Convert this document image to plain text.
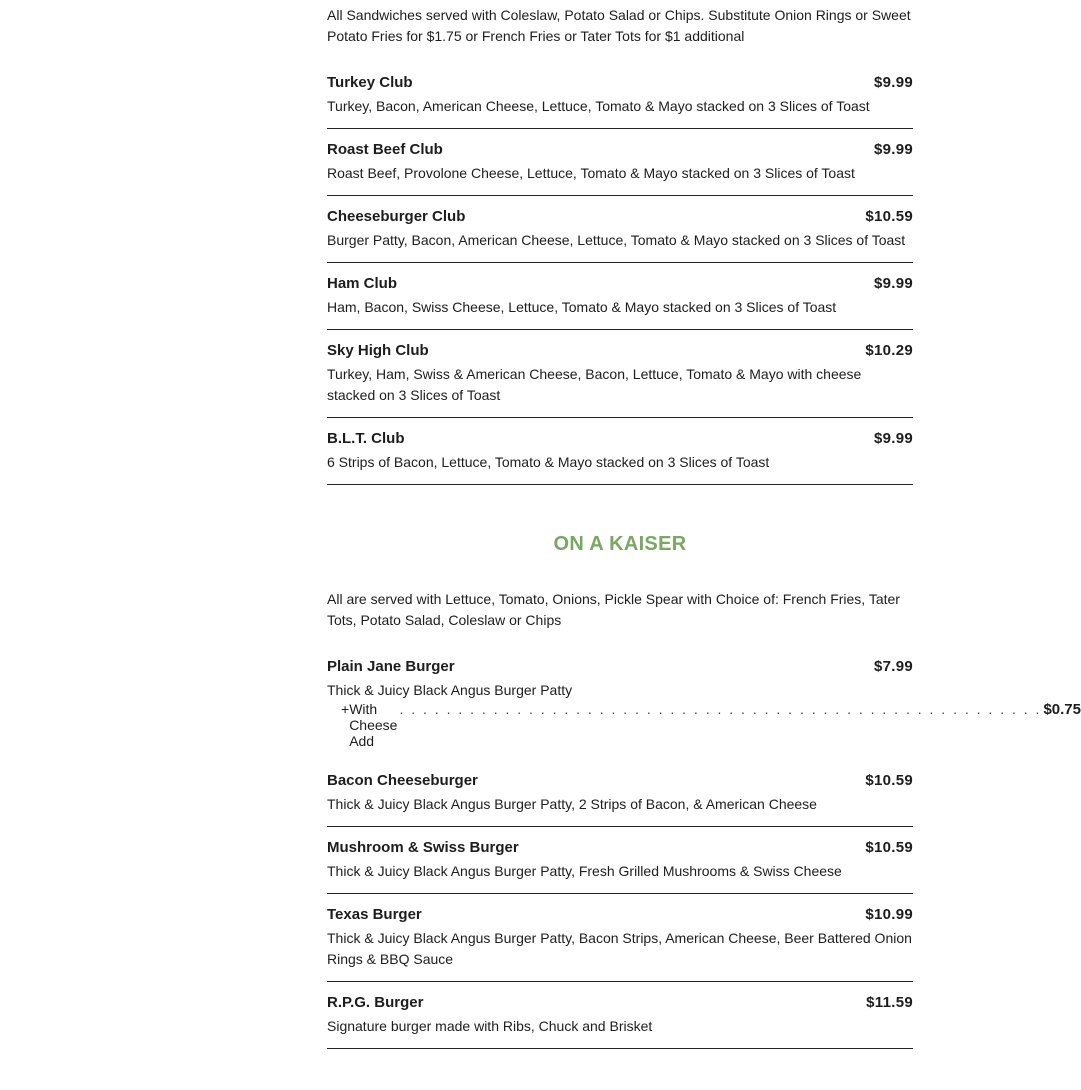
All Sandwiches served with Coleslaw, Potato Salad or Chips. Substitute Onion Rings or Sweet Potato Fries for $1.75 or French Fries or Tater Tots for $1 additional

Turkey Club	$9.99
Turkey, Bacon, American Cheese, Lettuce, Tomato & Mayo stacked on 3 Slices of Toast
Roast Beef Club	$9.99
Roast Beef, Provolone Cheese, Lettuce, Tomato & Mayo stacked on 3 Slices of Toast
Cheeseburger Club	$10.59
Burger Patty, Bacon, American Cheese, Lettuce, Tomato & Mayo stacked on 3 Slices of Toast
Ham Club	$9.99
Ham, Bacon, Swiss Cheese, Lettuce, Tomato & Mayo stacked on 3 Slices of Toast
Sky High Club	$10.29
Turkey, Ham, Swiss & American Cheese, Bacon, Lettuce, Tomato & Mayo with cheese stacked on 3 Slices of Toast
B.L.T. Club	$9.99
6 Strips of Bacon, Lettuce, Tomato & Mayo stacked on 3 Slices of Toast
ON A KAISER

All are served with Lettuce, Tomato, Onions, Pickle Spear with Choice of: French Fries, Tater Tots, Potato Salad, Coleslaw or Chips

Plain Jane Burger	$7.99
Thick & Juicy Black Angus Burger Patty
+ With Cheese Add
. . . . . . . . . . . . . . . . . . . . . . . . . . . . . . . . . . . . . . . . . . . . . . . . . . . . . . . $0.75
Bacon Cheeseburger	$10.59
Thick & Juicy Black Angus Burger Patty, 2 Strips of Bacon, & American Cheese
Mushroom & Swiss Burger	$10.59
Thick & Juicy Black Angus Burger Patty, Fresh Grilled Mushrooms & Swiss Cheese
Texas Burger	$10.99
Thick & Juicy Black Angus Burger Patty, Bacon Strips, American Cheese, Beer Battered Onion Rings & BBQ Sauce
R.P.G. Burger	$11.59
Signature burger made with Ribs, Chuck and Brisket
